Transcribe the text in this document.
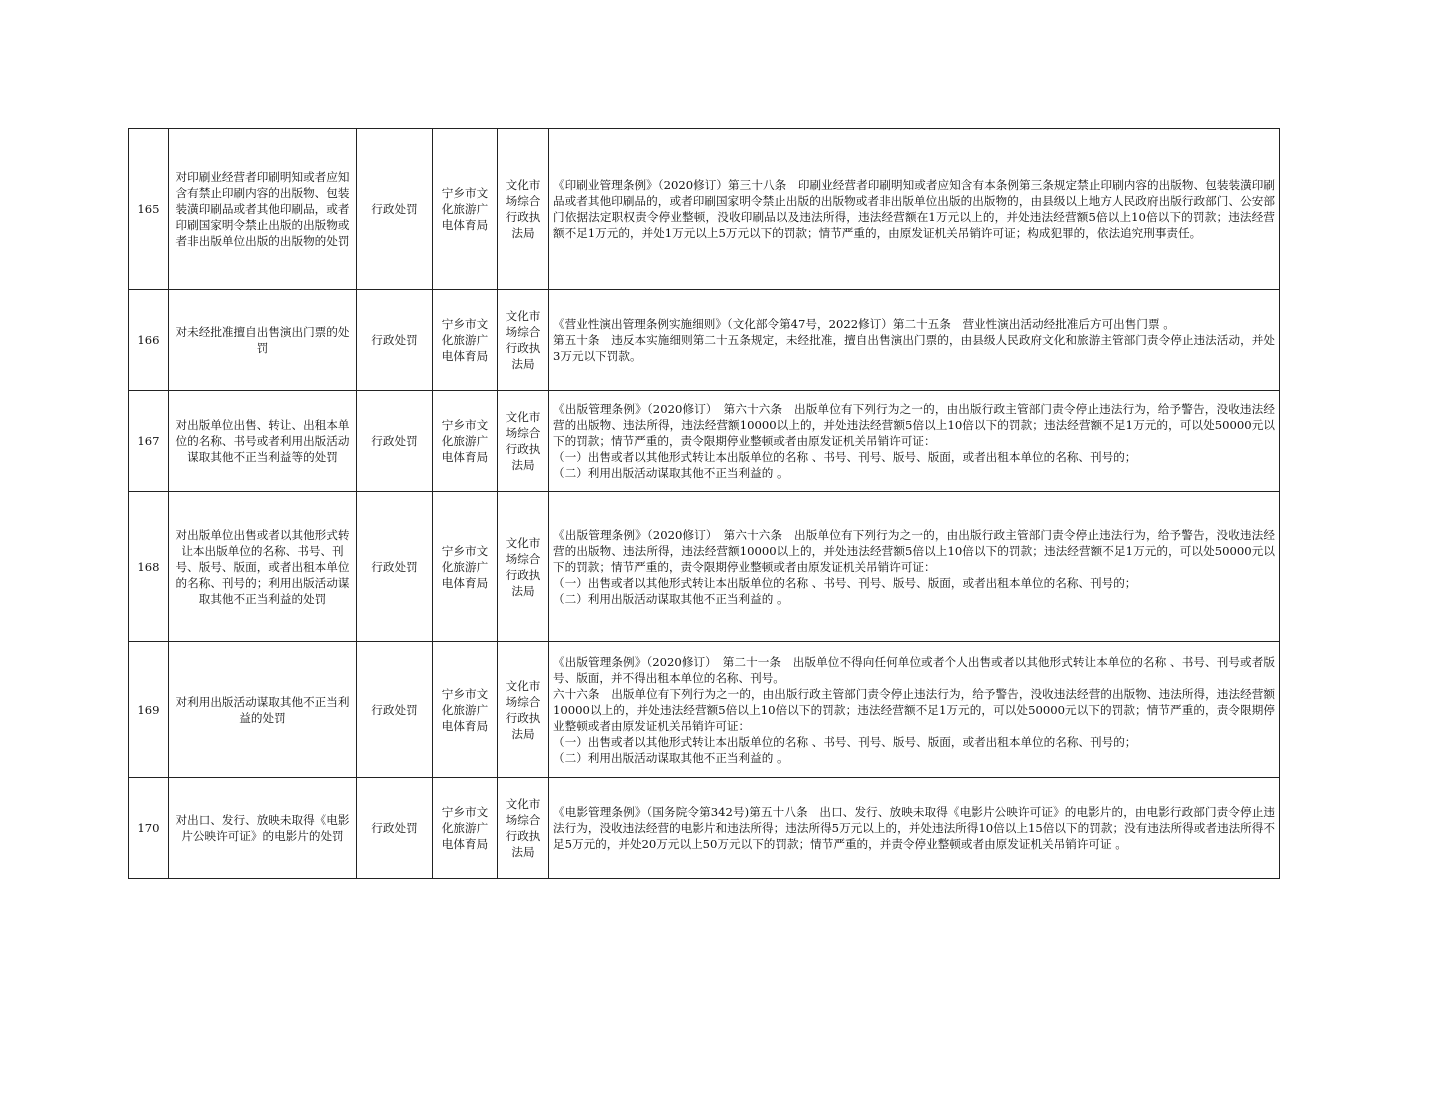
165	对印刷业经营者印刷明知或者应知含有禁止印刷内容的出版物、包装装潢印刷品或者其他印刷品，或者印刷国家明令禁止出版的出版物或者非出版单位出版的出版物的处罚	行政处罚	宁乡市文化旅游广电体育局	文化市场综合行政执法局	《印刷业管理条例》（2020修订）第三十八条　印刷业经营者印刷明知或者应知含有本条例第三条规定禁止印刷内容的出版物、包装装潢印刷品或者其他印刷品的，或者印刷国家明令禁止出版的出版物或者非出版单位出版的出版物的，由县级以上地方人民政府出版行政部门、公安部门依据法定职权责令停业整顿，没收印刷品以及违法所得，违法经营额在1万元以上的，并处违法经营额5倍以上10倍以下的罚款；违法经营额不足1万元的，并处1万元以上5万元以下的罚款；情节严重的，由原发证机关吊销许可证；构成犯罪的，依法追究刑事责任。

166	对未经批准擅自出售演出门票的处罚	行政处罚	宁乡市文化旅游广电体育局	文化市场综合行政执法局	《营业性演出管理条例实施细则》（文化部令第47号，2022修订）第二十五条　营业性演出活动经批准后方可出售门票 。
第五十条　违反本实施细则第二十五条规定，未经批准，擅自出售演出门票的，由县级人民政府文化和旅游主管部门责令停止违法活动，并处3万元以下罚款。

167	对出版单位出售、转让、出租本单位的名称、书号或者利用出版活动谋取其他不正当利益等的处罚	行政处罚	宁乡市文化旅游广电体育局	文化市场综合行政执法局	《出版管理条例》（2020修订）　第六十六条　出版单位有下列行为之一的，由出版行政主管部门责令停止违法行为，给予警告，没收违法经营的出版物、违法所得，违法经营额10000以上的，并处违法经营额5倍以上10倍以下的罚款；违法经营额不足1万元的，可以处50000元以下的罚款；情节严重的，责令限期停业整顿或者由原发证机关吊销许可证：
（一）出售或者以其他形式转让本出版单位的名称 、书号、刊号、版号、版面，或者出租本单位的名称、刊号的；
（二）利用出版活动谋取其他不正当利益的 。

168	对出版单位出售或者以其他形式转让本出版单位的名称、书号、刊号、版号、版面，或者出租本单位的名称、刊号的；利用出版活动谋取其他不正当利益的处罚	行政处罚	宁乡市文化旅游广电体育局	文化市场综合行政执法局	《出版管理条例》（2020修订）　第六十六条　出版单位有下列行为之一的，由出版行政主管部门责令停止违法行为，给予警告，没收违法经营的出版物、违法所得，违法经营额10000以上的，并处违法经营额5倍以上10倍以下的罚款；违法经营额不足1万元的，可以处50000元以下的罚款；情节严重的，责令限期停业整顿或者由原发证机关吊销许可证：
（一）出售或者以其他形式转让本出版单位的名称 、书号、刊号、版号、版面，或者出租本单位的名称、刊号的；
（二）利用出版活动谋取其他不正当利益的 。

169	对利用出版活动谋取其他不正当利益的处罚	行政处罚	宁乡市文化旅游广电体育局	文化市场综合行政执法局	《出版管理条例》（2020修订）　第二十一条　出版单位不得向任何单位或者个人出售或者以其他形式转让本单位的名称 、书号、刊号或者版号、版面，并不得出租本单位的名称、刊号。
六十六条　出版单位有下列行为之一的，由出版行政主管部门责令停止违法行为，给予警告，没收违法经营的出版物、违法所得，违法经营额10000以上的，并处违法经营额5倍以上10倍以下的罚款；违法经营额不足1万元的，可以处50000元以下的罚款；情节严重的，责令限期停业整顿或者由原发证机关吊销许可证：
（一）出售或者以其他形式转让本出版单位的名称 、书号、刊号、版号、版面，或者出租本单位的名称、刊号的；
（二）利用出版活动谋取其他不正当利益的 。

170	对出口、发行、放映未取得《电影片公映许可证》的电影片的处罚	行政处罚	宁乡市文化旅游广电体育局	文化市场综合行政执法局	《电影管理条例》（国务院令第342号)第五十八条　出口、发行、放映未取得《电影片公映许可证》的电影片的，由电影行政部门责令停止违法行为，没收违法经营的电影片和违法所得；违法所得5万元以上的，并处违法所得10倍以上15倍以下的罚款；没有违法所得或者违法所得不足5万元的，并处20万元以上50万元以下的罚款；情节严重的，并责令停业整顿或者由原发证机关吊销许可证 。
